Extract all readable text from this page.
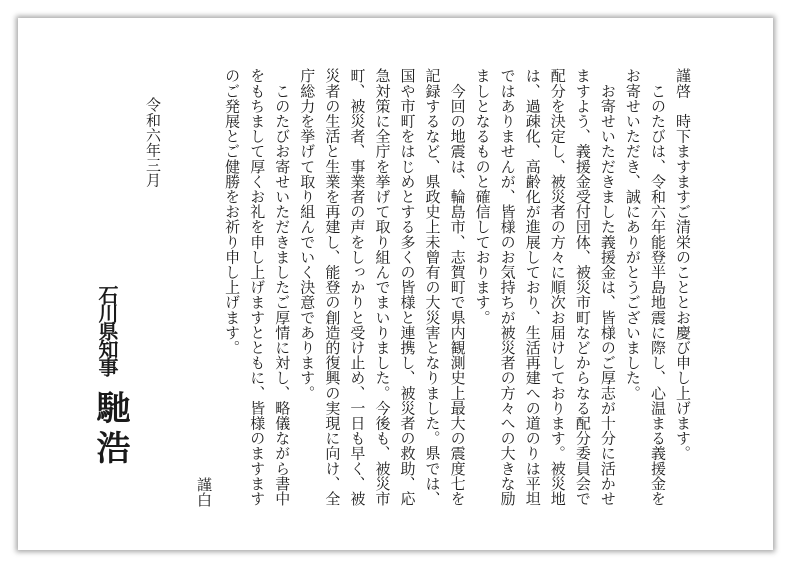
謹啓　時下ますますご清栄のこととお慶び申し上げます。
　このたびは、令和六年能登半島地震に際し、心温まる義援金を
お寄せいただき、誠にありがとうございました。
　お寄せいただきました義援金は、皆様のご厚志が十分に活かせ
ますよう、義援金受付団体、被災市町などからなる配分委員会で
配分を決定し、被災者の方々に順次お届けしております。被災地
は、過疎化、高齢化が進展しており、生活再建への道のりは平坦
ではありませんが、皆様のお気持ちが被災者の方々への大きな励
ましとなるものと確信しております。
　今回の地震は、輪島市、志賀町で県内観測史上最大の震度七を
記録するなど、県政史上未曾有の大災害となりました。県では、
国や市町をはじめとする多くの皆様と連携し、被災者の救助、応
急対策に全庁を挙げて取り組んでまいりました。今後も、被災市
町、被災者、事業者の声をしっかりと受け止め、一日も早く、被
災者の生活と生業を再建し、能登の創造的復興の実現に向け、全
庁総力を挙げて取り組んでいく決意であります。
　このたびお寄せいただきましたご厚情に対し、略儀ながら書中
をもちまして厚くお礼を申し上げますとともに、皆様のますます
のご発展とご健勝をお祈り申し上げます。
謹白
令和六年三月
石川県知事
馳浩
